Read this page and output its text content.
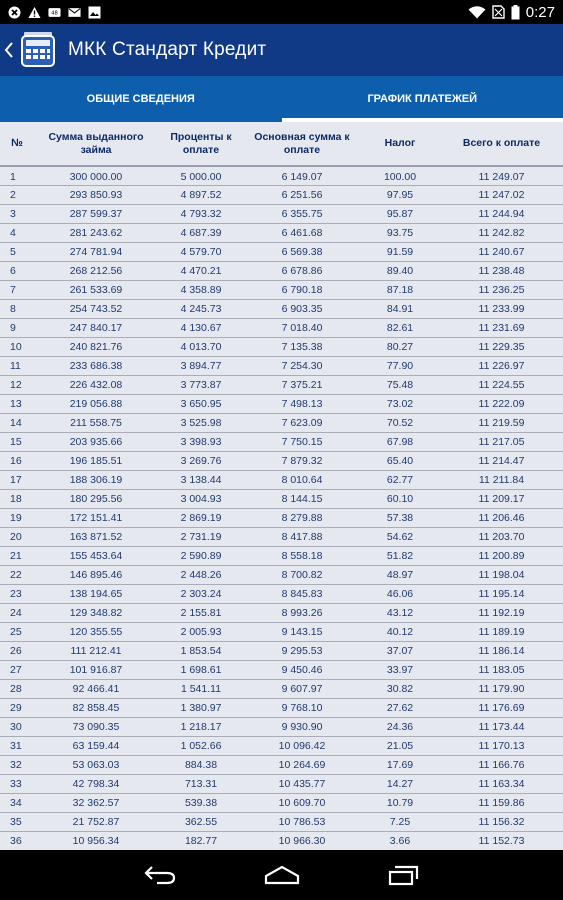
48	0:27
МКК Стандарт Кредит
ОБЩИЕ СВЕДЕНИЯ	ГРАФИК ПЛАТЕЖЕЙ
№	Сумма выданного займа	Проценты к оплате	Основная сумма к оплате	Налог	Всего к оплате
1	300 000.00	5 000.00	6 149.07	100.00	11 249.07
2	293 850.93	4 897.52	6 251.56	97.95	11 247.02
3	287 599.37	4 793.32	6 355.75	95.87	11 244.94
4	281 243.62	4 687.39	6 461.68	93.75	11 242.82
5	274 781.94	4 579.70	6 569.38	91.59	11 240.67
6	268 212.56	4 470.21	6 678.86	89.40	11 238.48
7	261 533.69	4 358.89	6 790.18	87.18	11 236.25
8	254 743.52	4 245.73	6 903.35	84.91	11 233.99
9	247 840.17	4 130.67	7 018.40	82.61	11 231.69
10	240 821.76	4 013.70	7 135.38	80.27	11 229.35
11	233 686.38	3 894.77	7 254.30	77.90	11 226.97
12	226 432.08	3 773.87	7 375.21	75.48	11 224.55
13	219 056.88	3 650.95	7 498.13	73.02	11 222.09
14	211 558.75	3 525.98	7 623.09	70.52	11 219.59
15	203 935.66	3 398.93	7 750.15	67.98	11 217.05
16	196 185.51	3 269.76	7 879.32	65.40	11 214.47
17	188 306.19	3 138.44	8 010.64	62.77	11 211.84
18	180 295.56	3 004.93	8 144.15	60.10	11 209.17
19	172 151.41	2 869.19	8 279.88	57.38	11 206.46
20	163 871.52	2 731.19	8 417.88	54.62	11 203.70
21	155 453.64	2 590.89	8 558.18	51.82	11 200.89
22	146 895.46	2 448.26	8 700.82	48.97	11 198.04
23	138 194.65	2 303.24	8 845.83	46.06	11 195.14
24	129 348.82	2 155.81	8 993.26	43.12	11 192.19
25	120 355.55	2 005.93	9 143.15	40.12	11 189.19
26	111 212.41	1 853.54	9 295.53	37.07	11 186.14
27	101 916.87	1 698.61	9 450.46	33.97	11 183.05
28	92 466.41	1 541.11	9 607.97	30.82	11 179.90
29	82 858.45	1 380.97	9 768.10	27.62	11 176.69
30	73 090.35	1 218.17	9 930.90	24.36	11 173.44
31	63 159.44	1 052.66	10 096.42	21.05	11 170.13
32	53 063.03	884.38	10 264.69	17.69	11 166.76
33	42 798.34	713.31	10 435.77	14.27	11 163.34
34	32 362.57	539.38	10 609.70	10.79	11 159.86
35	21 752.87	362.55	10 786.53	7.25	11 156.32
36	10 956.34	182.77	10 966.30	3.66	11 152.73
